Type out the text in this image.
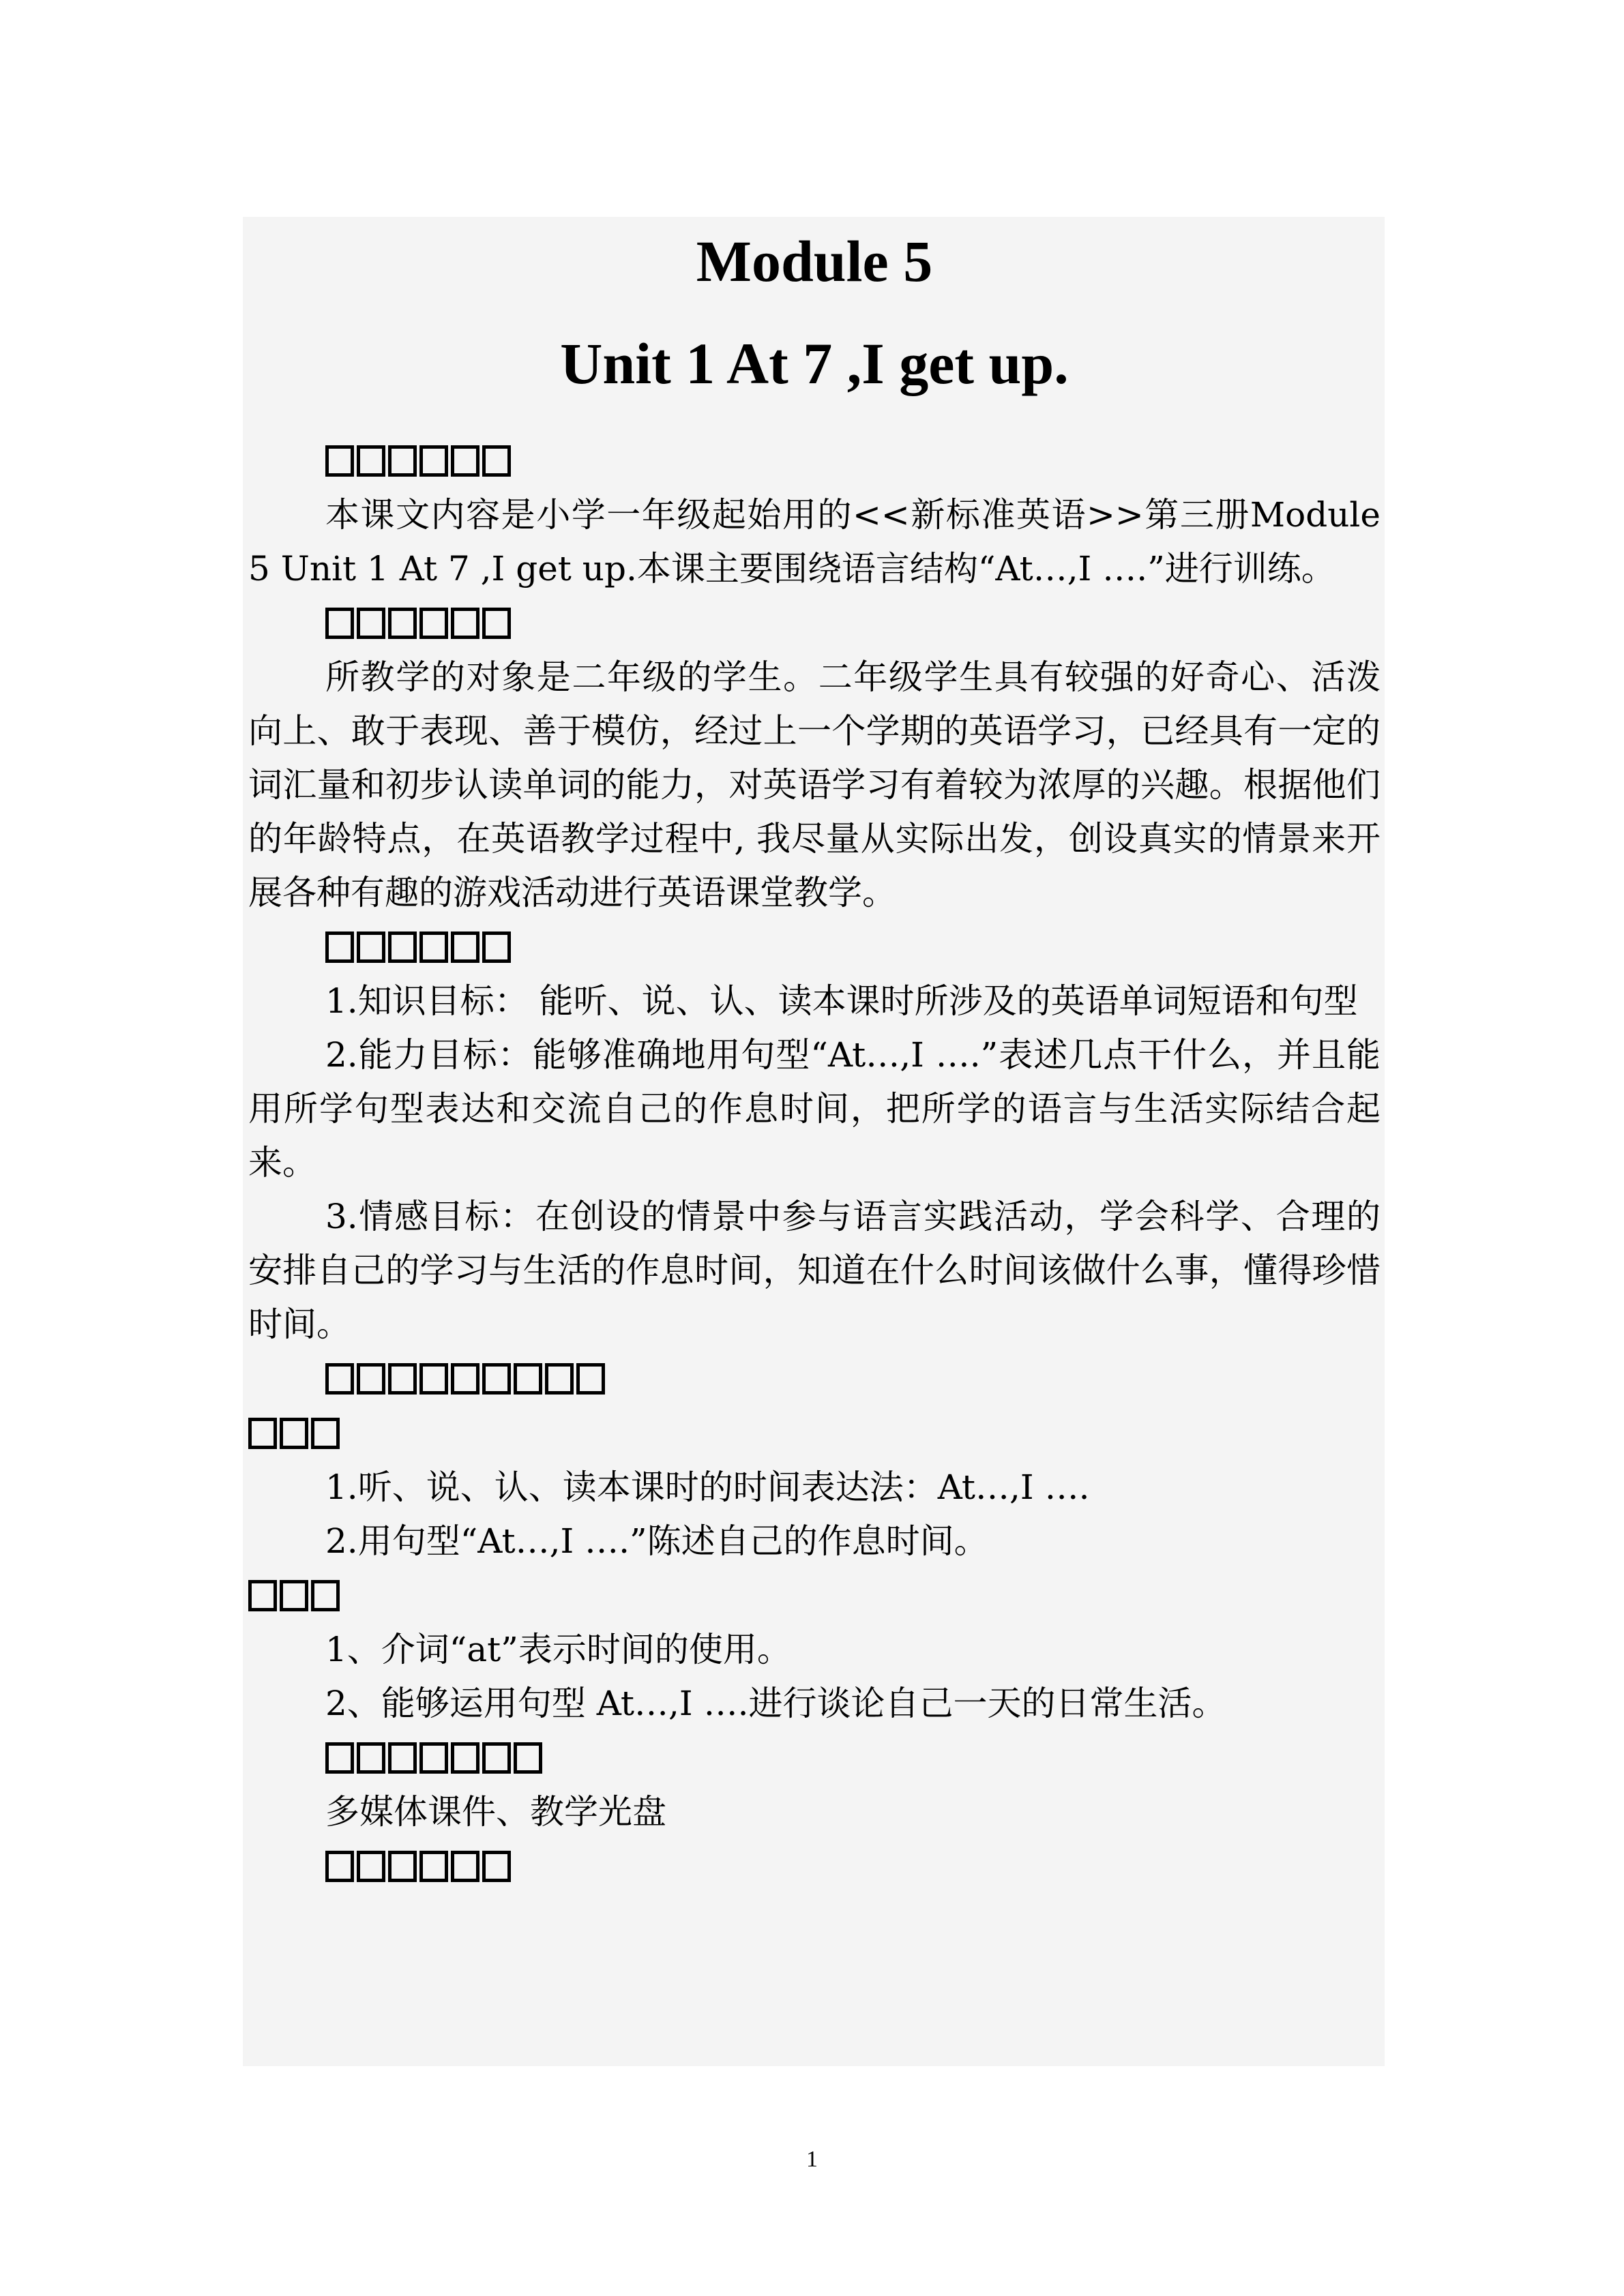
Module 5
Unit 1 At 7 ,I get up.

本课文内容是小学一年级起始用的<<新标准英语>>第三册Module 5 Unit 1 At 7 ,I get up.本课主要围绕语言结构“At…,I ….”进行训练。

所教学的对象是二年级的学生。二年级学生具有较强的好奇心、活泼向上、敢于表现、善于模仿，经过上一个学期的英语学习，已经具有一定的词汇量和初步认读单词的能力，对英语学习有着较为浓厚的兴趣。根据他们的年龄特点，在英语教学过程中, 我尽量从实际出发，创设真实的情景来开展各种有趣的游戏活动进行英语课堂教学。

1.知识目标： 能听、说、认、读本课时所涉及的英语单词短语和句型

2.能力目标：能够准确地用句型“At…,I ….”表述几点干什么，并且能用所学句型表达和交流自己的作息时间，把所学的语言与生活实际结合起来。

3.情感目标：在创设的情景中参与语言实践活动，学会科学、合理的安排自己的学习与生活的作息时间，知道在什么时间该做什么事，懂得珍惜时间。

1.听、说、认、读本课时的时间表达法：At…,I ….

2.用句型“At…,I ….”陈述自己的作息时间。

1、介词“at”表示时间的使用。

2、能够运用句型 At…,I ….进行谈论自己一天的日常生活。

多媒体课件、教学光盘

1
